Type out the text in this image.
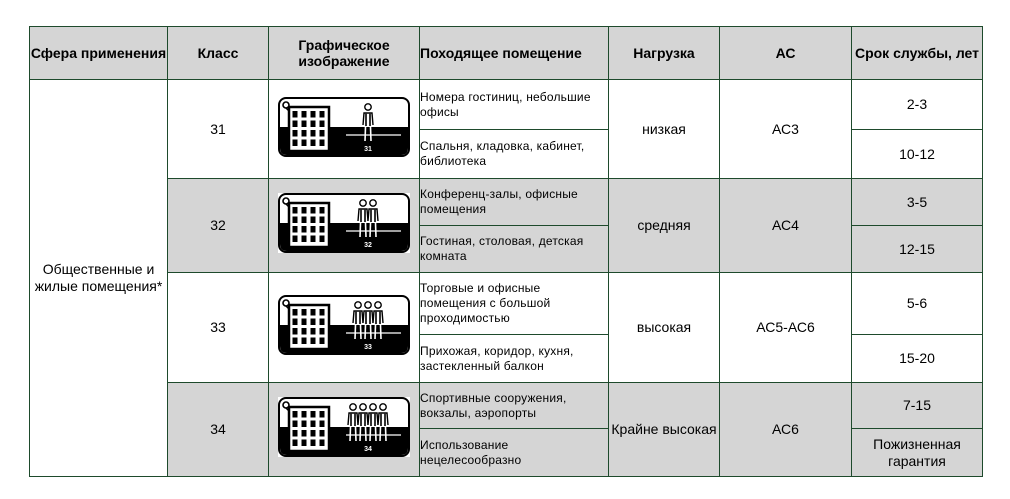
Сфера применения	Класс	Графическое изображение	Походящее помещение	Нагрузка	АС	Срок службы, лет
Общественные и жилые помещения*	31	31	Номера гостиниц, небольшие офисы	низкая	АС3	2-3
			Спальня, кладовка, кабинет, библиотека			10-12
	32	32	Конференц-залы, офисные помещения	средняя	АС4	3-5
			Гостиная, столовая, детская комната			12-15
	33	33	Торговые и офисные помещения с большой проходимостью	высокая	АС5-АС6	5-6
			Прихожая, коридор, кухня, застекленный балкон			15-20
	34	34	Спортивные сооружения, вокзалы, аэропорты	Крайне высокая	АС6	7-15
			Использование нецелесообразно			Пожизненная гарантия
